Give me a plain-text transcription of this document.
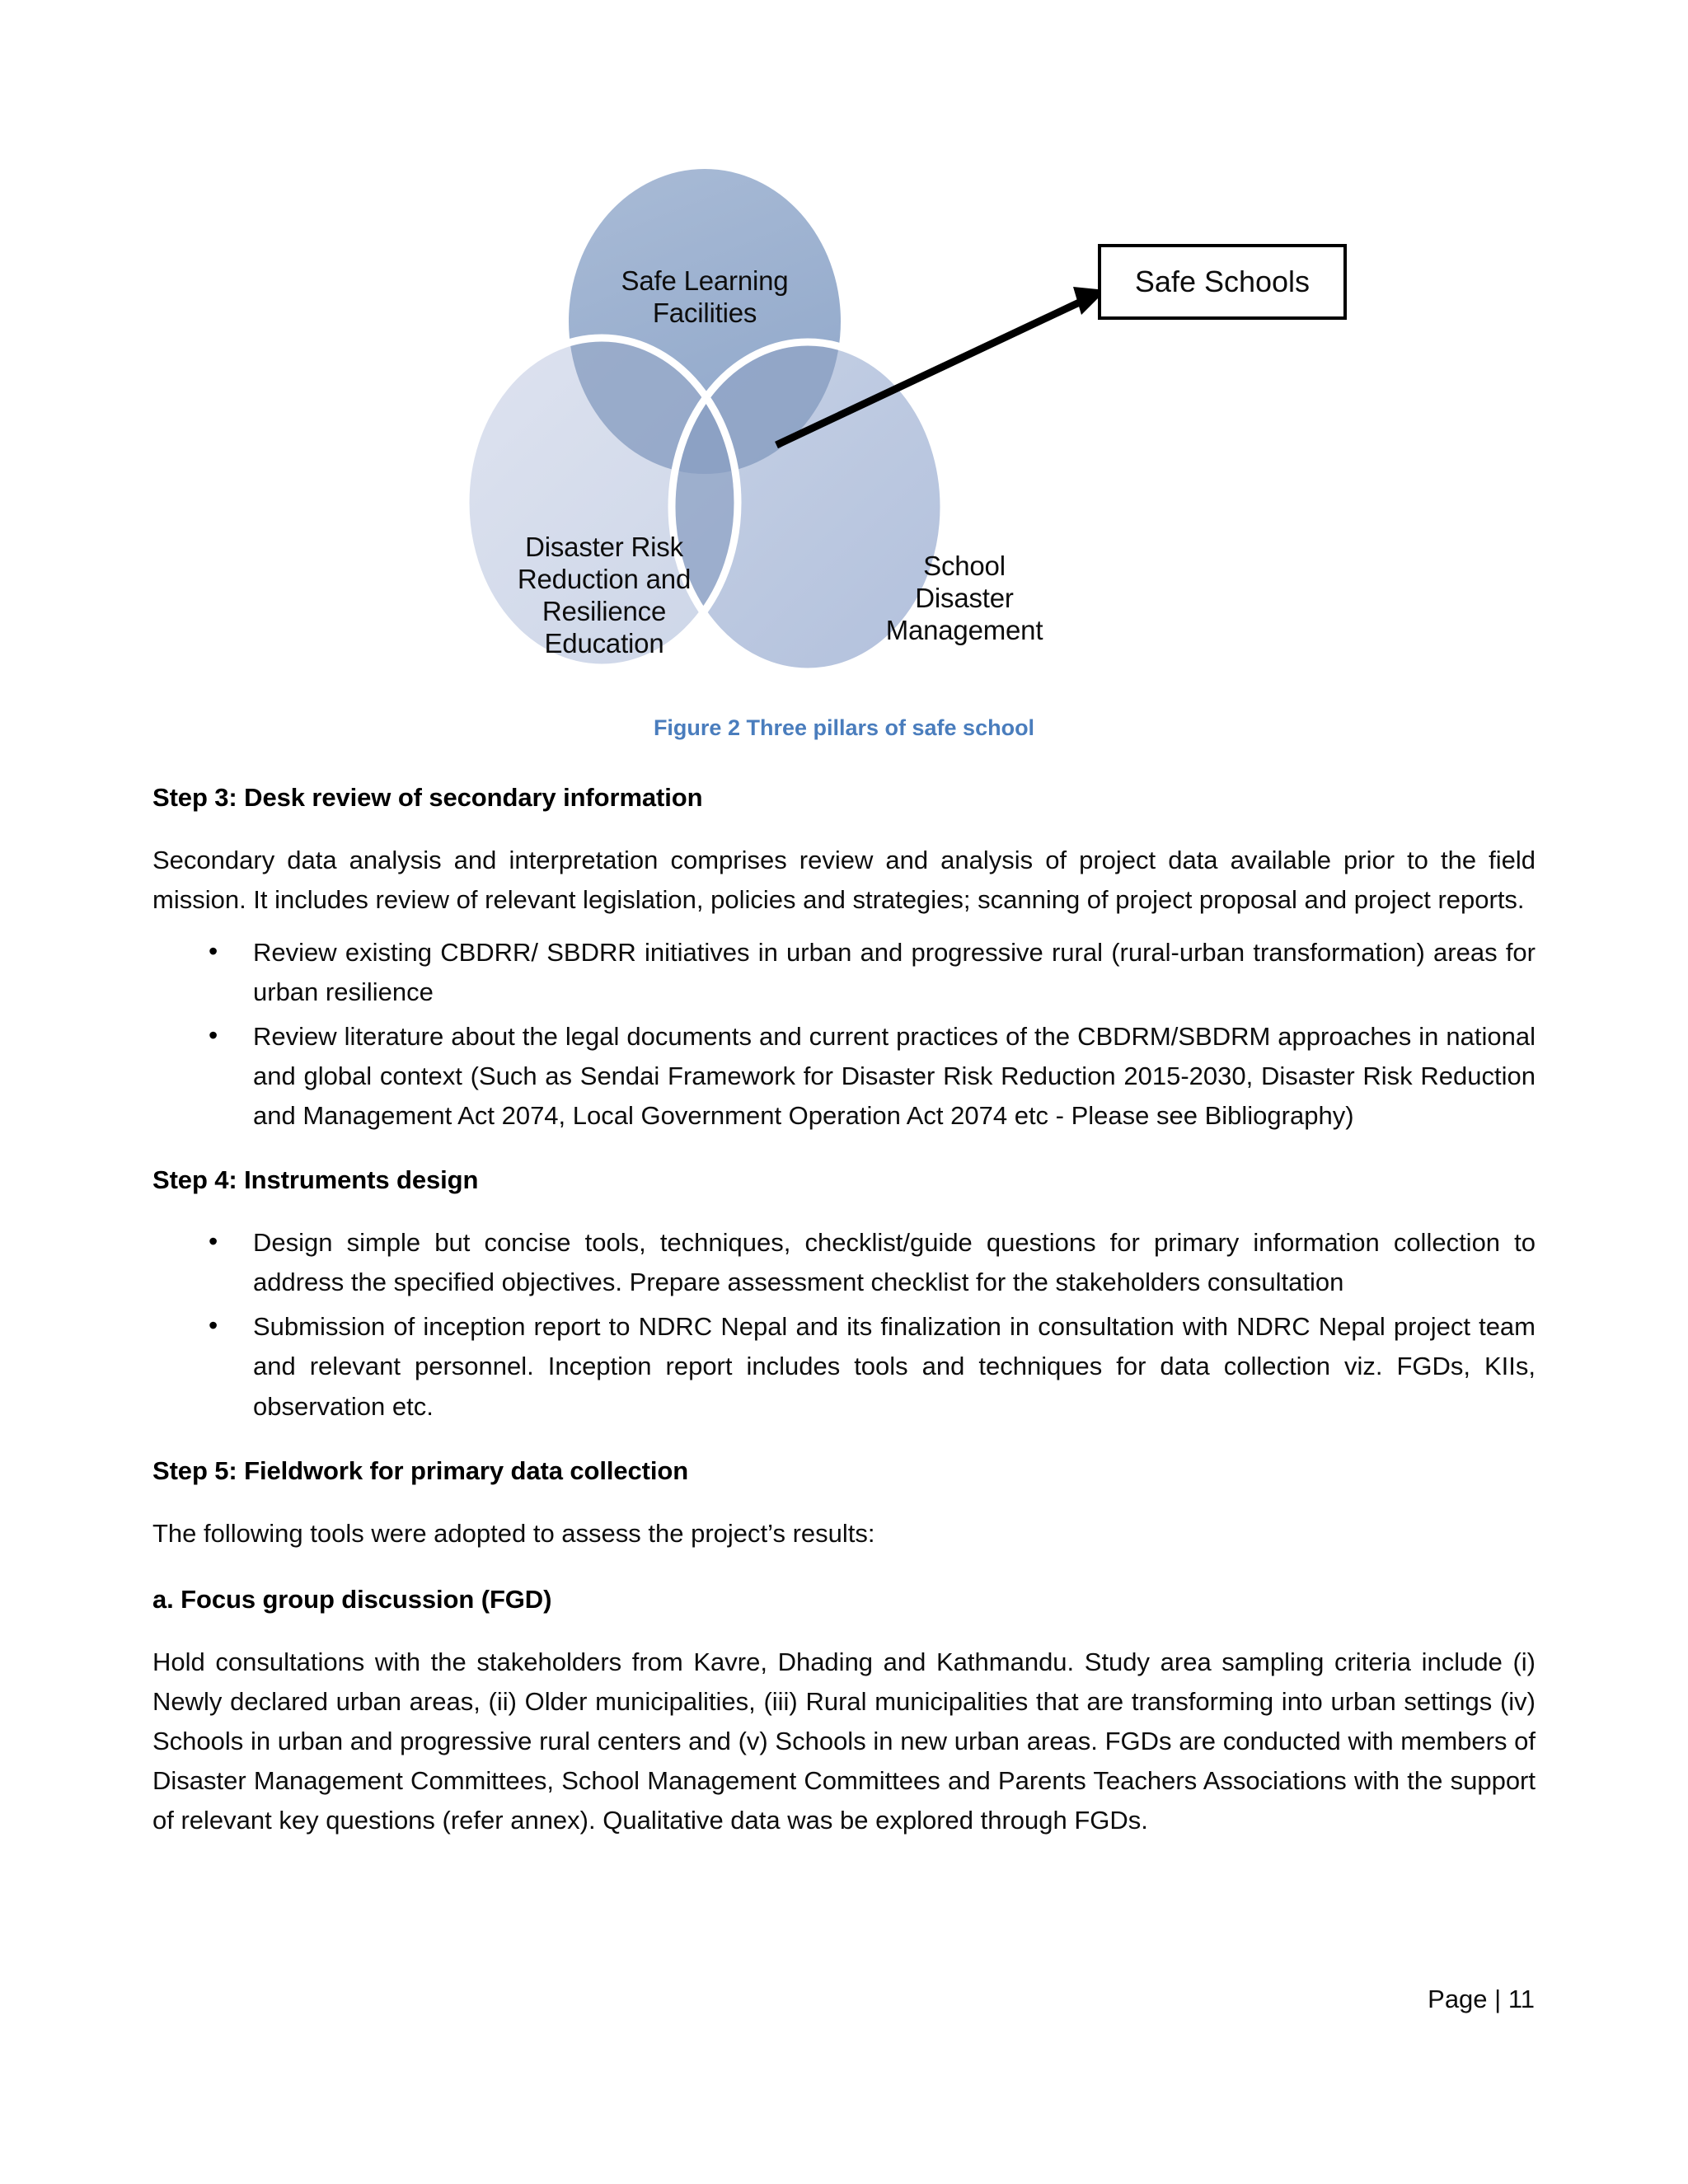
Safe Learning
Facilities
Disaster Risk
Reduction and
Resilience
Education
School
Disaster
Management
Safe Schools
Figure 2 Three pillars of safe school
Step 3: Desk review of secondary information

Secondary data analysis and interpretation comprises review and analysis of project data available prior to the field mission. It includes review of relevant legislation, policies and strategies; scanning of project proposal and project reports.

• Review existing CBDRR/ SBDRR initiatives in urban and progressive rural (rural-urban transformation) areas for urban resilience
• Review literature about the legal documents and current practices of the CBDRM/SBDRM approaches in national and global context (Such as Sendai Framework for Disaster Risk Reduction 2015-2030, Disaster Risk Reduction and Management Act 2074, Local Government Operation Act 2074 etc - Please see Bibliography)
Step 4: Instruments design
• Design simple but concise tools, techniques, checklist/guide questions for primary information collection to address the specified objectives. Prepare assessment checklist for the stakeholders consultation
• Submission of inception report to NDRC Nepal and its finalization in consultation with NDRC Nepal project team and relevant personnel. Inception report includes tools and techniques for data collection viz. FGDs, KIIs, observation etc.
Step 5: Fieldwork for primary data collection

The following tools were adopted to assess the project’s results:

a. Focus group discussion (FGD)

Hold consultations with the stakeholders from Kavre, Dhading and Kathmandu. Study area sampling criteria include (i) Newly declared urban areas, (ii) Older municipalities, (iii) Rural municipalities that are transforming into urban settings (iv) Schools in urban and progressive rural centers and (v) Schools in new urban areas. FGDs are conducted with members of Disaster Management Committees, School Management Committees and Parents Teachers Associations with the support of relevant key questions (refer annex). Qualitative data was be explored through FGDs.

Page | 11
